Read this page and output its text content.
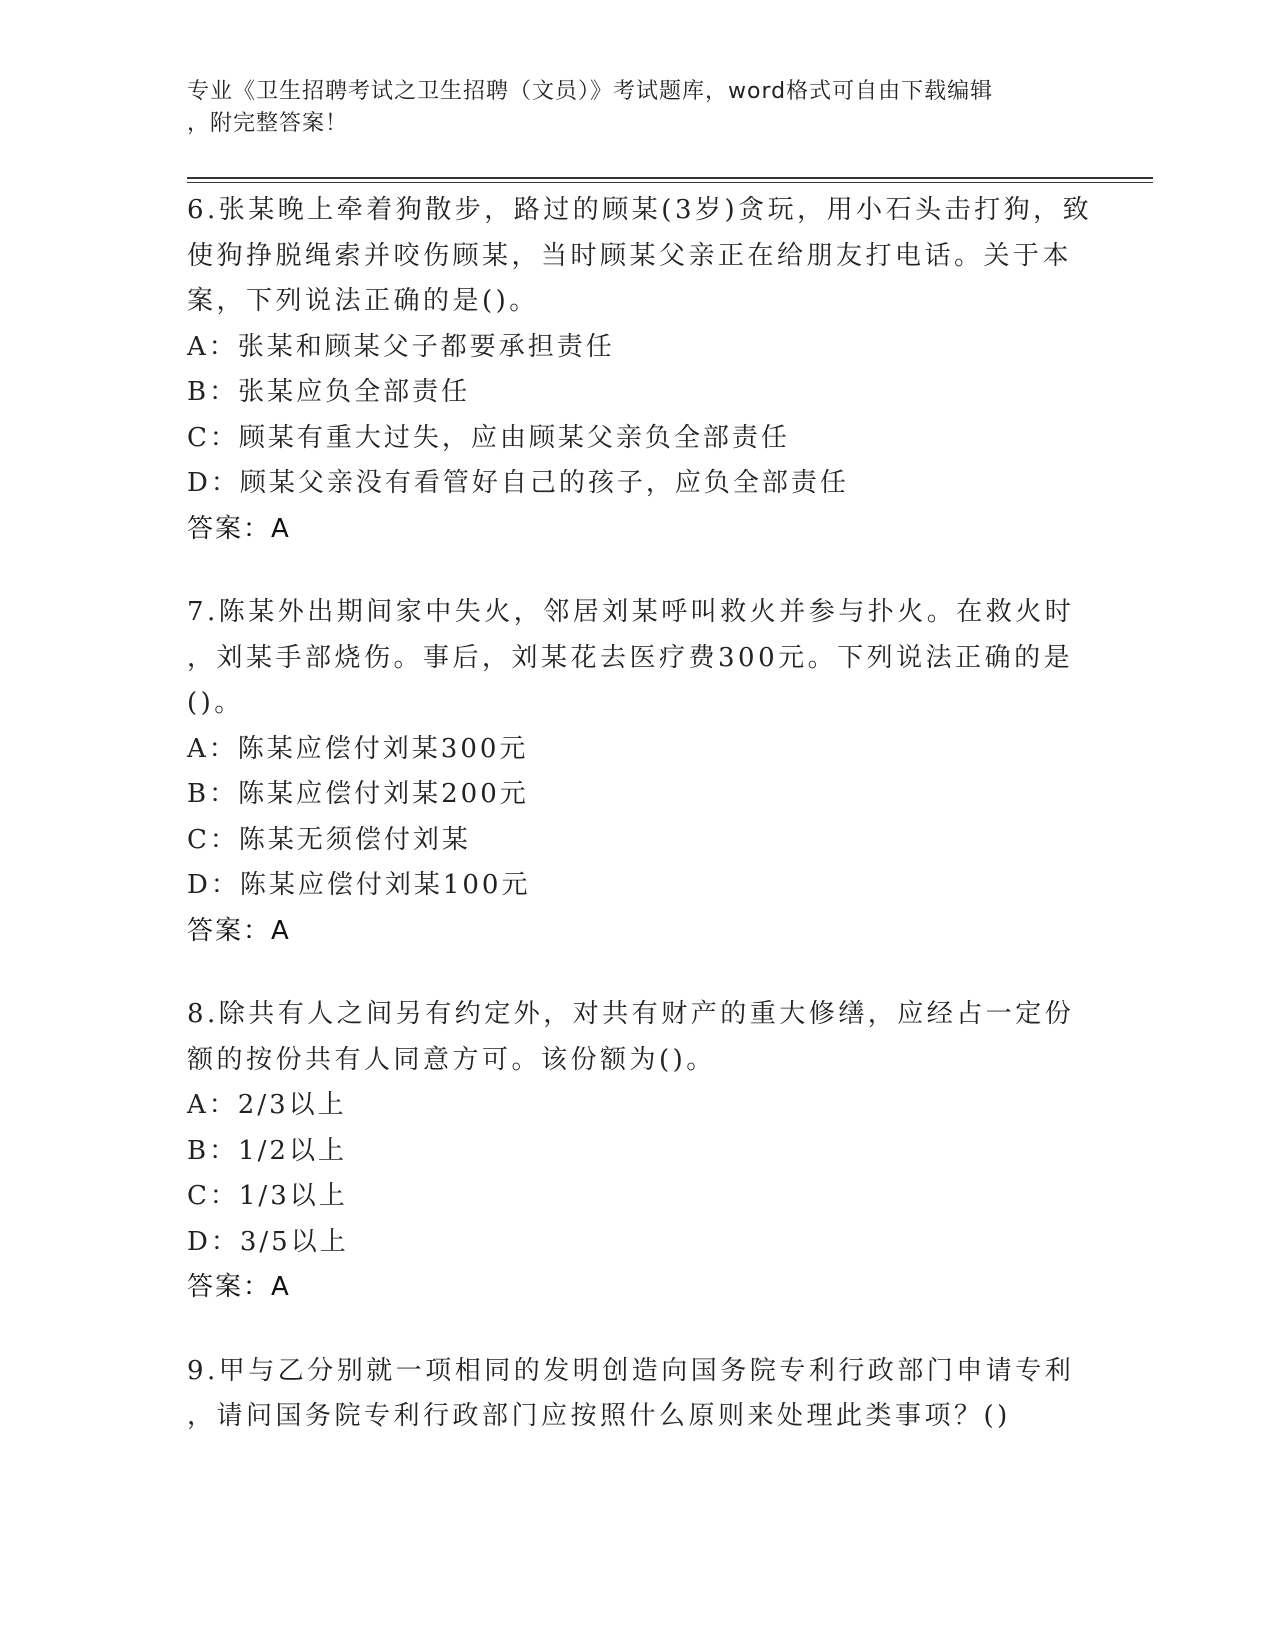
专业《卫生招聘考试之卫生招聘（文员）》考试题库，word格式可自由下载编辑
，附完整答案！
6.张某晚上牵着狗散步，路过的顾某(3岁)贪玩，用小石头击打狗，致
使狗挣脱绳索并咬伤顾某，当时顾某父亲正在给朋友打电话。关于本
案，下列说法正确的是()。
A：张某和顾某父子都要承担责任
B：张某应负全部责任
C：顾某有重大过失，应由顾某父亲负全部责任
D：顾某父亲没有看管好自己的孩子，应负全部责任
答案：A
7.陈某外出期间家中失火，邻居刘某呼叫救火并参与扑火。在救火时
，刘某手部烧伤。事后，刘某花去医疗费300元。下列说法正确的是
()。
A：陈某应偿付刘某300元
B：陈某应偿付刘某200元
C：陈某无须偿付刘某
D：陈某应偿付刘某100元
答案：A
8.除共有人之间另有约定外，对共有财产的重大修缮，应经占一定份
额的按份共有人同意方可。该份额为()。
A：2/3以上
B：1/2以上
C：1/3以上
D：3/5以上
答案：A
9.甲与乙分别就一项相同的发明创造向国务院专利行政部门申请专利
，请问国务院专利行政部门应按照什么原则来处理此类事项？()
